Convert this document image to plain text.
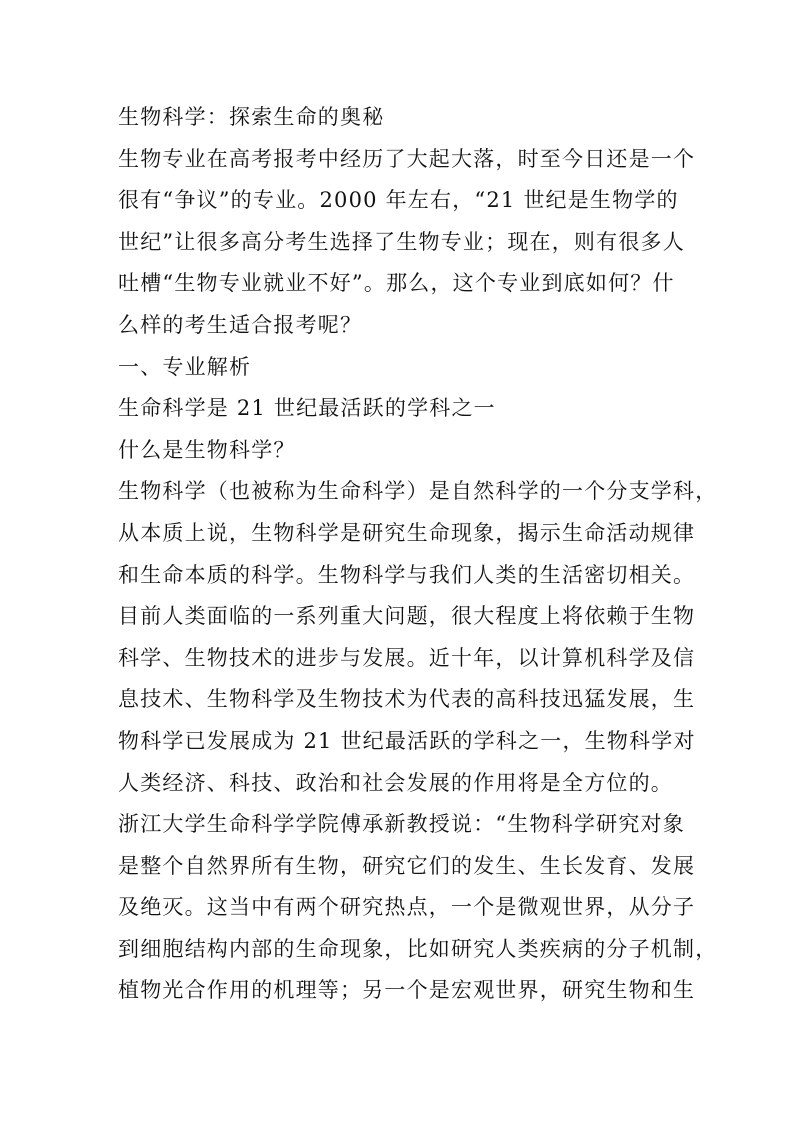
生物科学：探索生命的奥秘
生物专业在高考报考中经历了大起大落，时至今日还是一个
很有“争议”的专业。2000 年左右，“21 世纪是生物学的
世纪”让很多高分考生选择了生物专业；现在，则有很多人
吐槽“生物专业就业不好”。那么，这个专业到底如何？什
么样的考生适合报考呢？
一、专业解析
生命科学是 21 世纪最活跃的学科之一
什么是生物科学？
生物科学（也被称为生命科学）是自然科学的一个分支学科，
从本质上说，生物科学是研究生命现象，揭示生命活动规律
和生命本质的科学。生物科学与我们人类的生活密切相关。
目前人类面临的一系列重大问题，很大程度上将依赖于生物
科学、生物技术的进步与发展。近十年，以计算机科学及信
息技术、生物科学及生物技术为代表的高科技迅猛发展，生
物科学已发展成为 21 世纪最活跃的学科之一，生物科学对
人类经济、科技、政治和社会发展的作用将是全方位的。
浙江大学生命科学学院傅承新教授说：“生物科学研究对象
是整个自然界所有生物，研究它们的发生、生长发育、发展
及绝灭。这当中有两个研究热点，一个是微观世界，从分子
到细胞结构内部的生命现象，比如研究人类疾病的分子机制，
植物光合作用的机理等；另一个是宏观世界，研究生物和生
